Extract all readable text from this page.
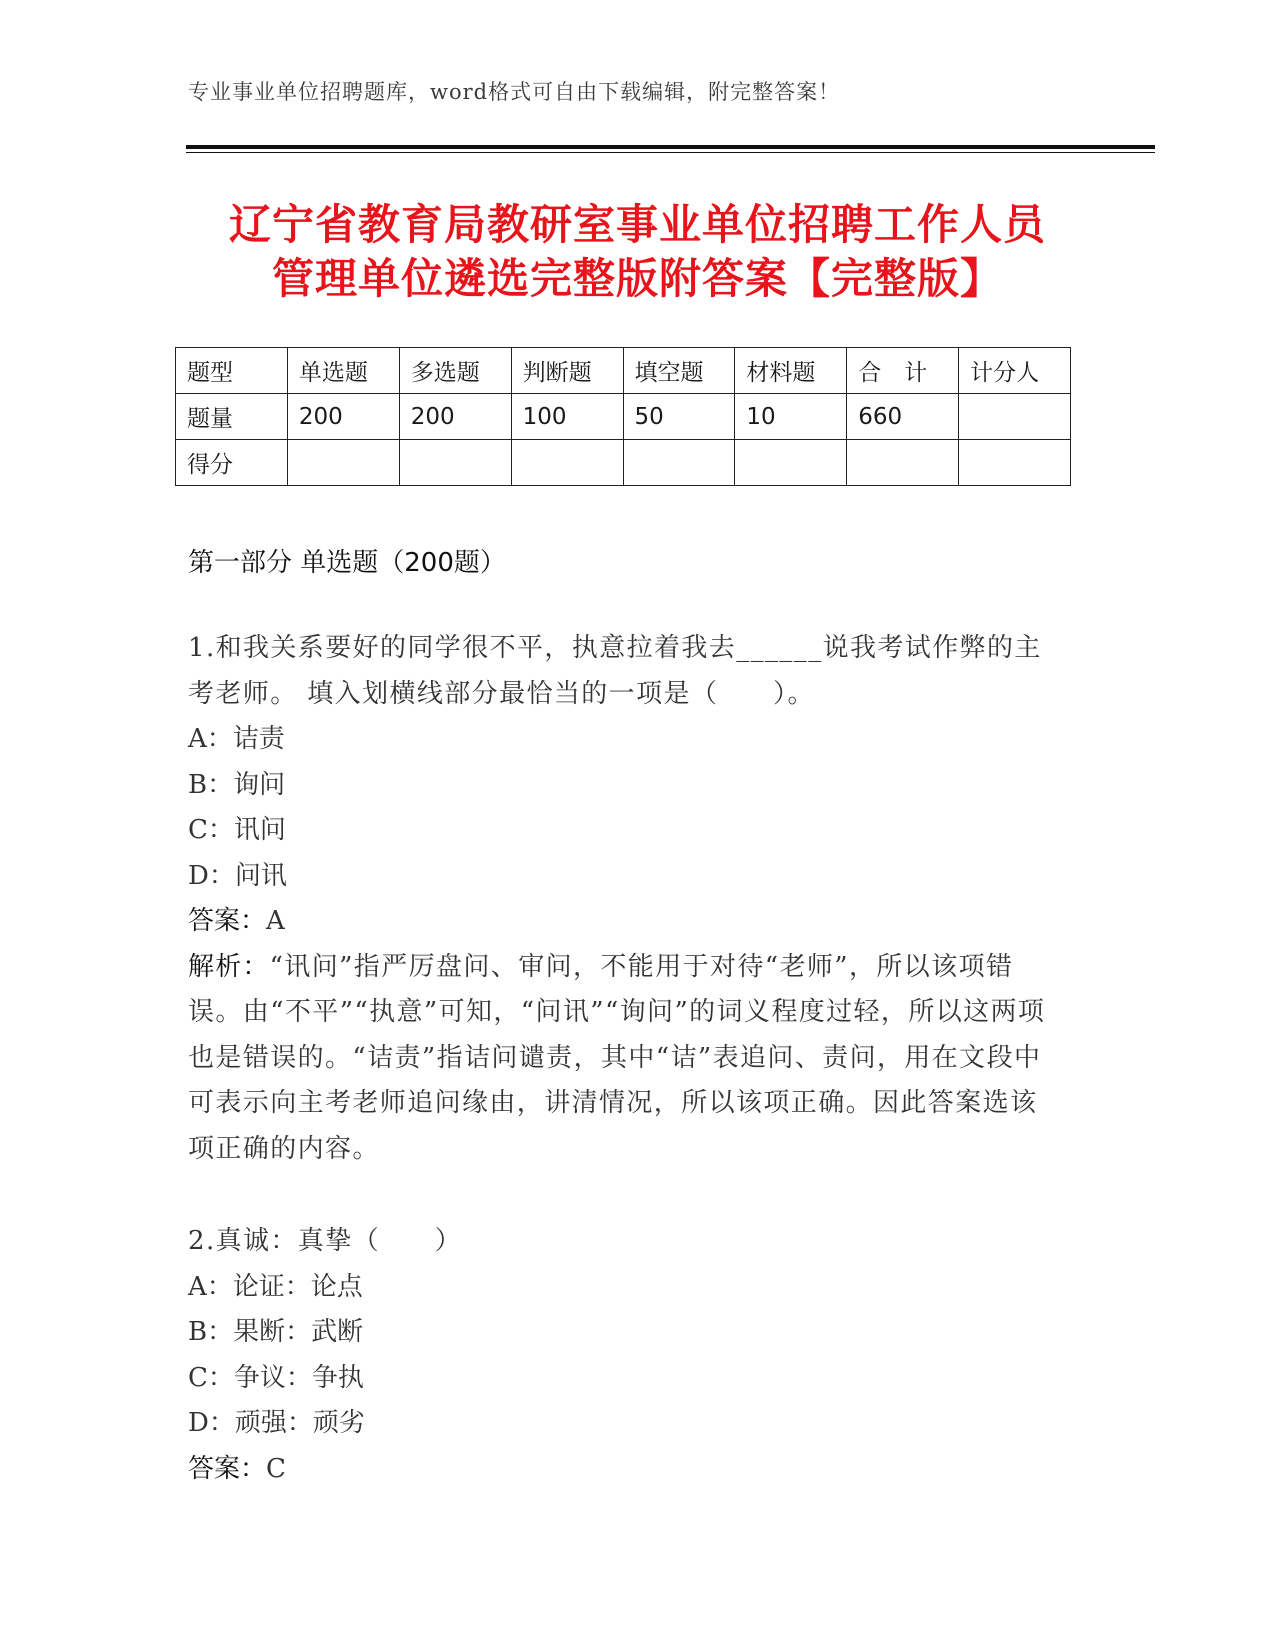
专业事业单位招聘题库，word格式可自由下载编辑，附完整答案！
辽宁省教育局教研室事业单位招聘工作人员
管理单位遴选完整版附答案【完整版】
题型	单选题	多选题	判断题	填空题	材料题	合　计	计分人
题量	200	200	100	50	10	660	
得分							
第一部分 单选题（200题）

1.和我关系要好的同学很不平，执意拉着我去______说我考试作弊的主考老师。 填入划横线部分最恰当的一项是（　　）。

A：诘责

B：询问

C：讯问

D：问讯

答案：A

解析：“讯问”指严厉盘问、审问，不能用于对待“老师”，所以该项错误。由“不平”“执意”可知，“问讯”“询问”的词义程度过轻，所以这两项也是错误的。“诘责”指诘问谴责，其中“诘”表追问、责问，用在文段中可表示向主考老师追问缘由，讲清情况，所以该项正确。因此答案选该项正确的内容。

2.真诚：真挚（　　）

A：论证：论点

B：果断：武断

C：争议：争执

D：顽强：顽劣

答案：C
